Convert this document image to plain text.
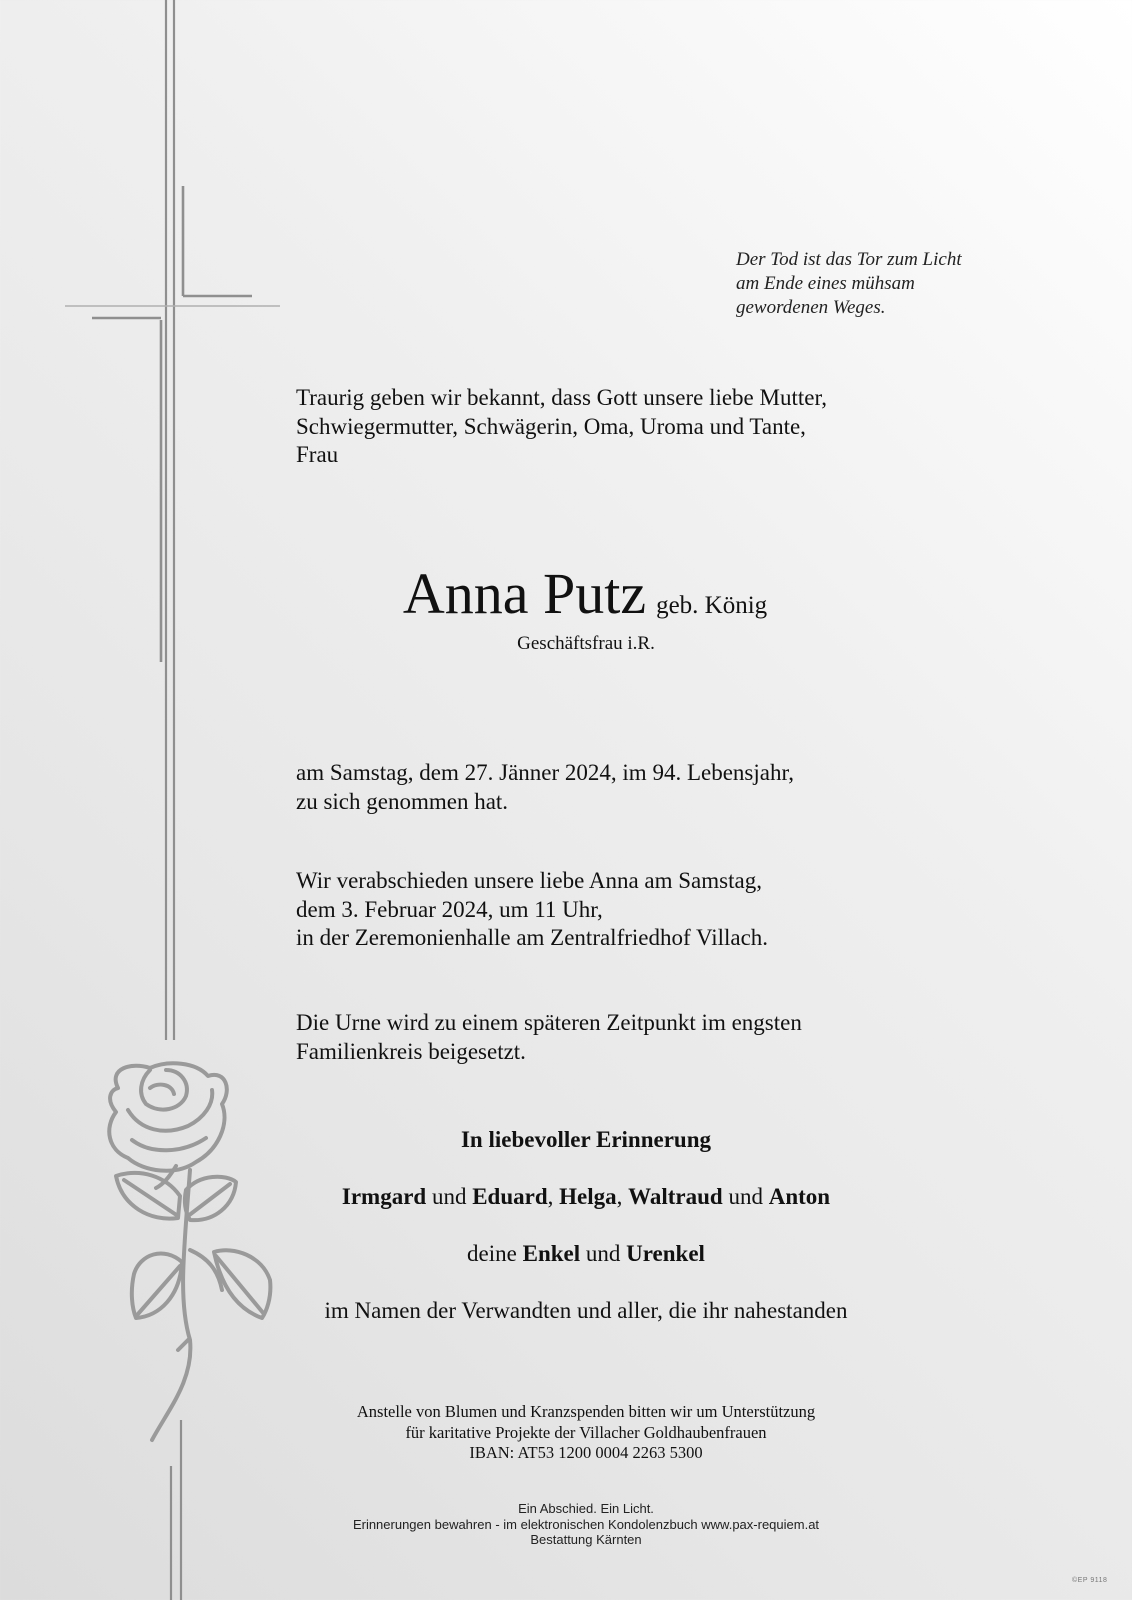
Der Tod ist das Tor zum Licht
am Ende eines mühsam
gewordenen Weges.
Traurig geben wir bekannt, dass Gott unsere liebe Mutter,
Schwiegermutter, Schwägerin, Oma, Uroma und Tante,
Frau
Anna Putz geb. König
Geschäftsfrau i.R.
am Samstag, dem 27. Jänner 2024, im 94. Lebensjahr,
zu sich genommen hat.
Wir verabschieden unsere liebe Anna am Samstag,
dem 3. Februar 2024, um 11 Uhr,
in der Zeremonienhalle am Zentralfriedhof Villach.
Die Urne wird zu einem späteren Zeitpunkt im engsten
Familienkreis beigesetzt.
In liebevoller Erinnerung
Irmgard und Eduard, Helga, Waltraud und Anton
deine Enkel und Urenkel
im Namen der Verwandten und aller, die ihr nahestanden
Anstelle von Blumen und Kranzspenden bitten wir um Unterstützung
für karitative Projekte der Villacher Goldhaubenfrauen
IBAN: AT53 1200 0004 2263 5300
Ein Abschied. Ein Licht.
Erinnerungen bewahren - im elektronischen Kondolenzbuch www.pax-requiem.at
Bestattung Kärnten
©EP 9118
